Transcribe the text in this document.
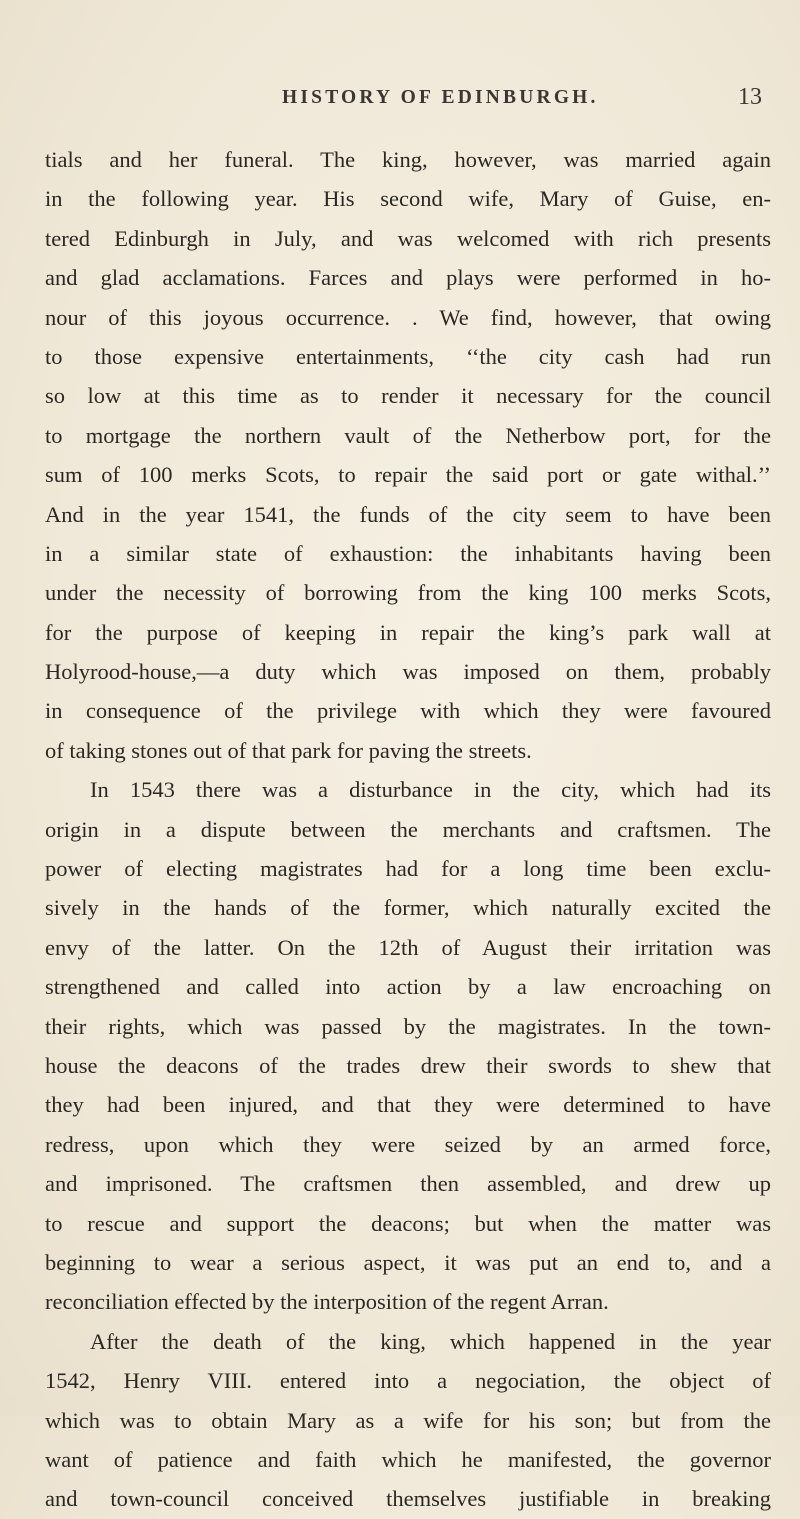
HISTORY OF EDINBURGH.	13
tials and her funeral. The king, however, was married again
in the following year. His second wife, Mary of Guise, en-
tered Edinburgh in July, and was welcomed with rich presents
and glad acclamations. Farces and plays were performed in ho-
nour of this joyous occurrence. . We find, however, that owing
to those expensive entertainments, ‘‘the city cash had run
so low at this time as to render it necessary for the council
to mortgage the northern vault of the Netherbow port, for the
sum of 100 merks Scots, to repair the said port or gate withal.’’
And in the year 1541, the funds of the city seem to have been
in a similar state of exhaustion: the inhabitants having been
under the necessity of borrowing from the king 100 merks Scots,
for the purpose of keeping in repair the king’s park wall at
Holyrood-house,—a duty which was imposed on them, probably
in consequence of the privilege with which they were favoured
of taking stones out of that park for paving the streets.
In 1543 there was a disturbance in the city, which had its
origin in a dispute between the merchants and craftsmen. The
power of electing magistrates had for a long time been exclu-
sively in the hands of the former, which naturally excited the
envy of the latter. On the 12th of August their irritation was
strengthened and called into action by a law encroaching on
their rights, which was passed by the magistrates. In the town-
house the deacons of the trades drew their swords to shew that
they had been injured, and that they were determined to have
redress, upon which they were seized by an armed force,
and imprisoned. The craftsmen then assembled, and drew up
to rescue and support the deacons; but when the matter was
beginning to wear a serious aspect, it was put an end to, and a
reconciliation effected by the interposition of the regent Arran.
After the death of the king, which happened in the year
1542, Henry VIII. entered into a negociation, the object of
which was to obtain Mary as a wife for his son; but from the
want of patience and faith which he manifested, the governor
and town-council conceived themselves justifiable in breaking
